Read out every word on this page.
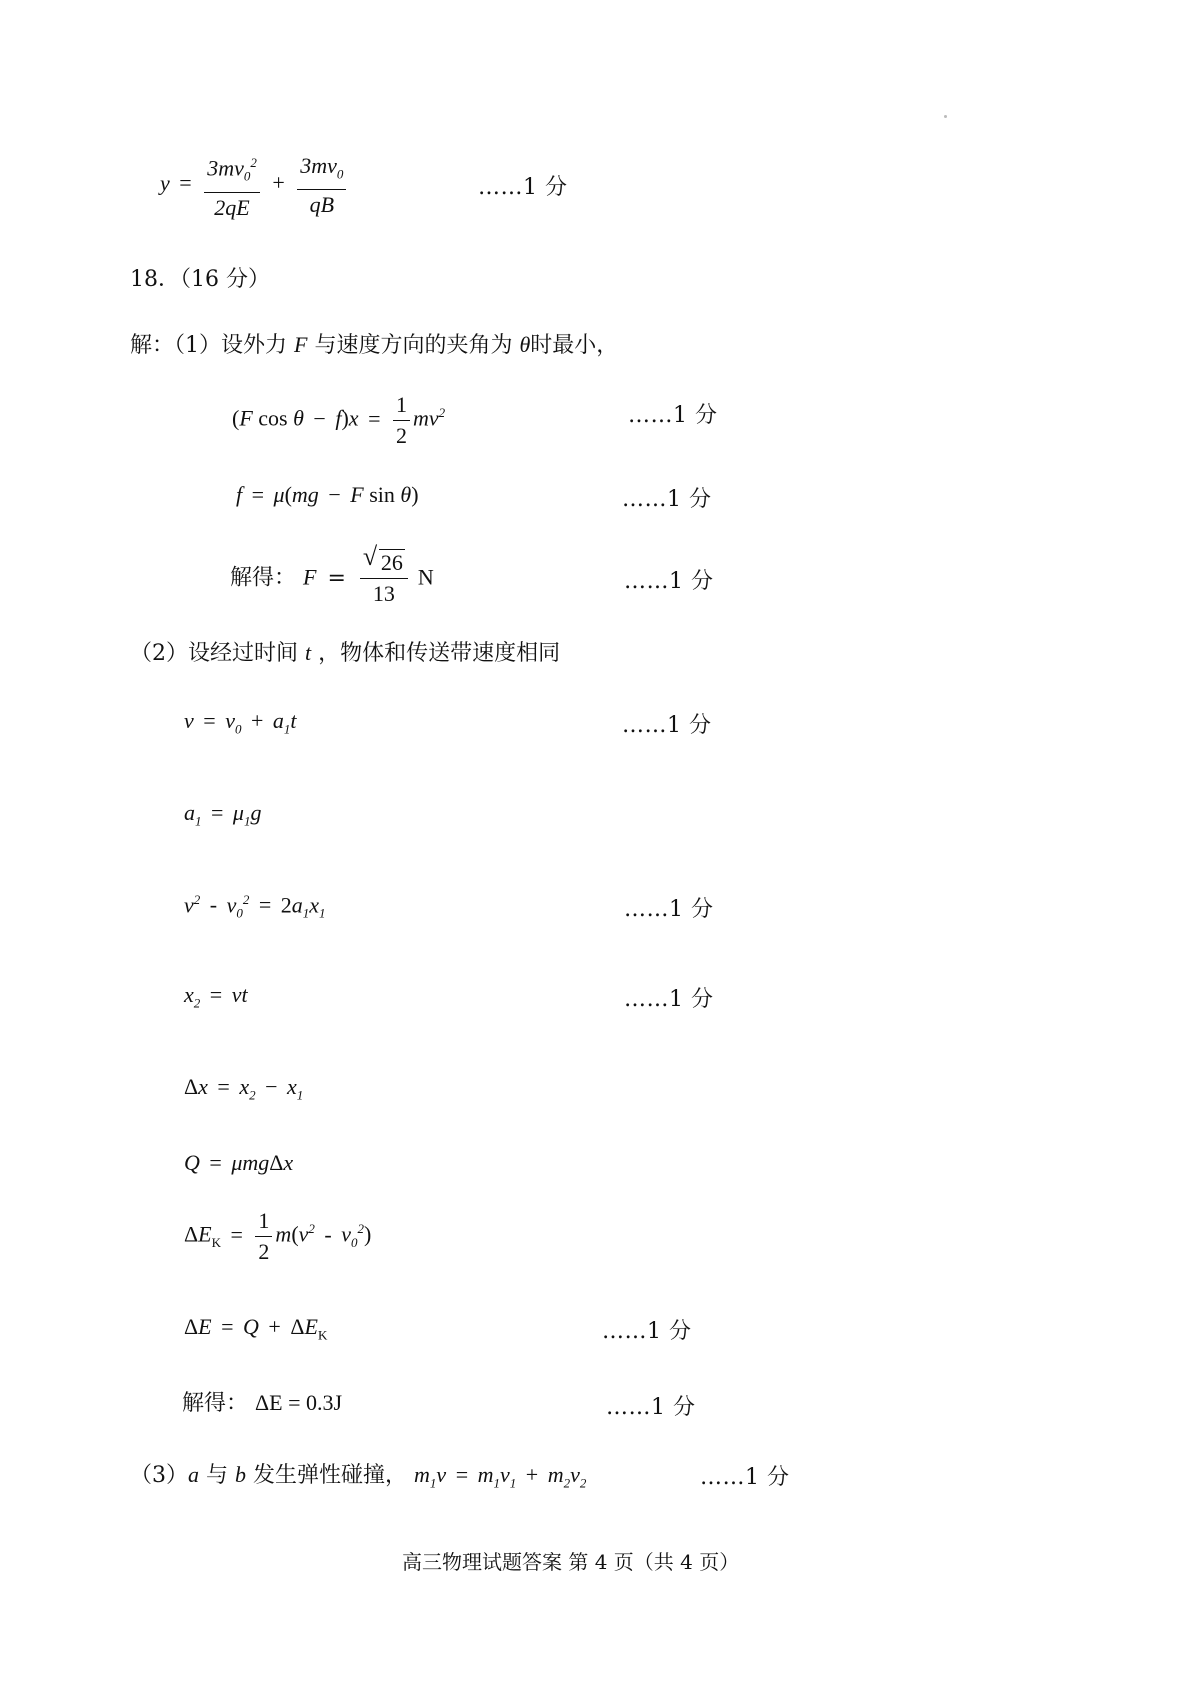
$y = \frac{3mv_0^2}{2qE} + \frac{3mv_0}{qB}$	……1 分
18．（16 分）
解：（1）设外力 F 与速度方向的夹角为 θ时最小，
(F $\cos \theta - f)x = \frac{1}{2} mv^2$	……1 分
f = μ(mg − F sin θ)	……1 分
解得： $F = \frac{√ 26}{13}$ N	……1 分
（2）设经过时间 t ，物体和传送带速度相同
$v = v_0 + a_1t$	……1 分
$a_1 = \mu_1g$
$v^2 - v_0^2 = 2a_1x_1$	……1 分
$x_2$ = vt	……1 分
$\Delta x = x_2 - x_1$
Q = μmgΔx
$\Delta E_K = \frac{1}{2} m(v^2 - v_0^2)$
$\Delta E = Q + \Delta E_K$	……1 分
解得： ΔE = 0.3J	……1 分
（3）a 与 b 发生弹性碰撞， $m_1v = m_1v_1 + m_2v_2$	……1 分
高三物理试题答案 第 4 页（共 4 页）
